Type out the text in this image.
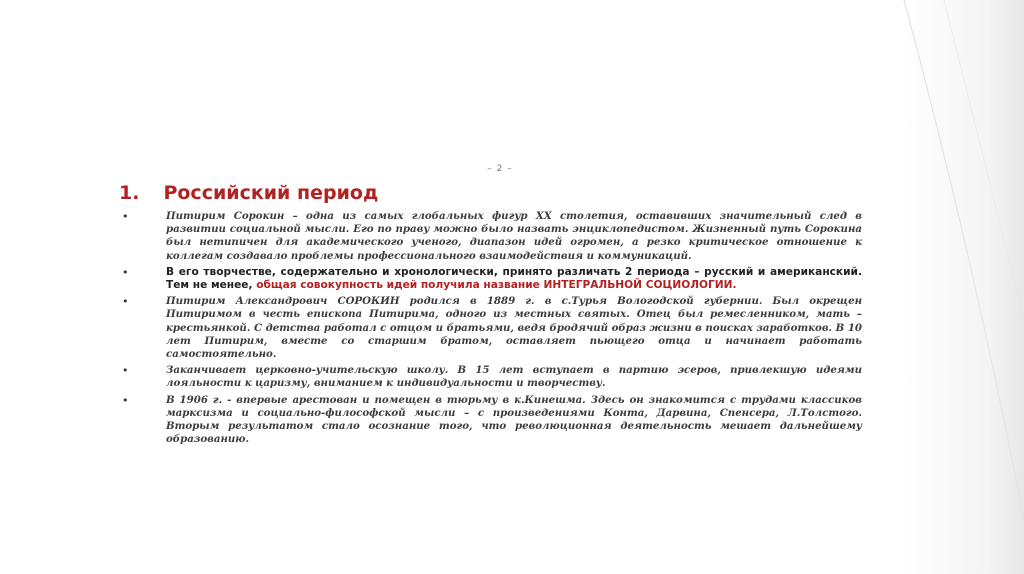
– 2 –
1. Российский период
•	Питирим Сорокин – одна из самых глобальных фигур XX столетия, оставивших значительный след в развитии социальной мысли. Его по праву можно было назвать энциклопедистом. Жизненный путь Сорокина был нетипичен для академического ученого, диапазон идей огромен, а резко критическое отношение к коллегам создавало проблемы профессионального взаимодействия и коммуникаций.
•	В его творчестве, содержательно и хронологически, принято различать 2 периода – русский и американский. Тем не менее, общая совокупность идей получила название ИНТЕГРАЛЬНОЙ СОЦИОЛОГИИ.
•	Питирим Александрович СОРОКИН родился в 1889 г. в с.Турья Вологодской губернии. Был окрещен Питиримом в честь епископа Питирима, одного из местных святых. Отец был ремесленником, мать – крестьянкой. С детства работал с отцом и братьями, ведя бродячий образ жизни в поисках заработков. В 10 лет Питирим, вместе со старшим братом, оставляет пьющего отца и начинает работать самостоятельно.
•	Заканчивает церковно-учительскую школу. В 15 лет вступает в партию эсеров, привлекшую идеями лояльности к царизму, вниманием к индивидуальности и творчеству.
•	В 1906 г. - впервые арестован и помещен в тюрьму в к.Кинешма. Здесь он знакомится с трудами классиков марксизма и социально-философской мысли – с произведениями Конта, Дарвина, Спенсера, Л.Толстого. Вторым результатом стало осознание того, что революционная деятельность мешает дальнейшему образованию.
